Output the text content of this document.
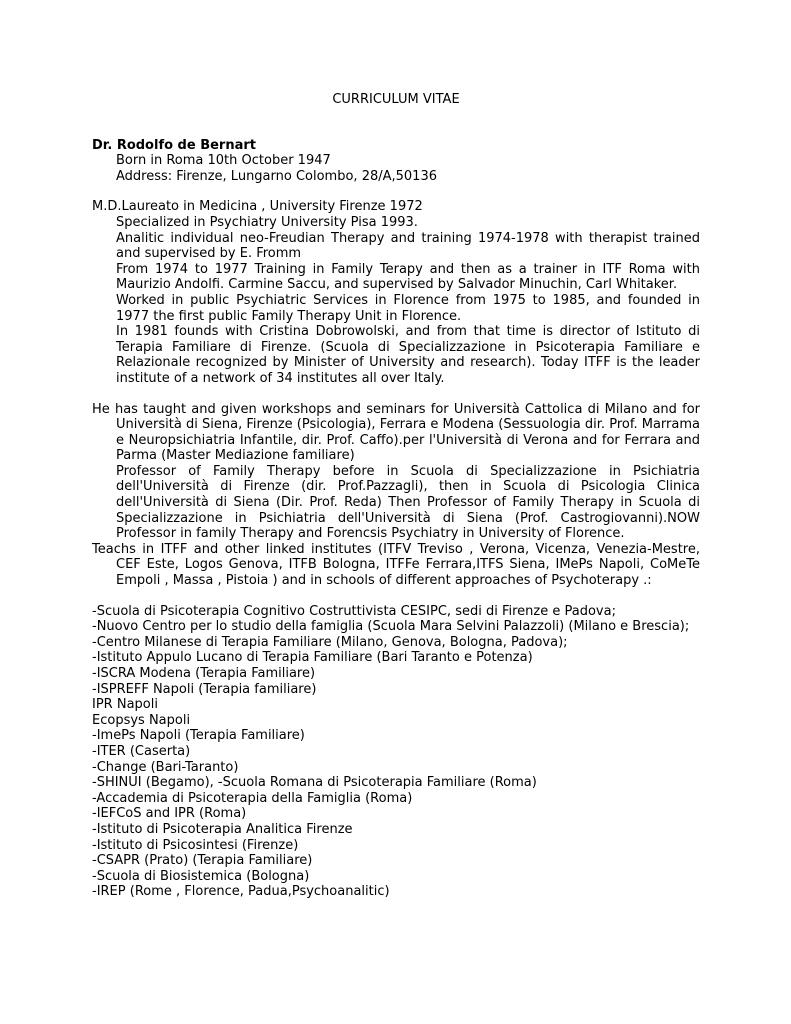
CURRICULUM VITAE
Dr. Rodolfo de Bernart
Born in Roma 10th October 1947
Address: Firenze, Lungarno Colombo, 28/A,50136
M.D.Laureato in Medicina , University Firenze 1972
Specialized in Psychiatry University Pisa 1993.
Analitic individual neo-Freudian Therapy and training 1974-1978 with therapist trained and supervised by E. Fromm
From 1974 to 1977 Training in Family Terapy and then as a trainer in ITF Roma with Maurizio Andolfi. Carmine Saccu, and supervised by Salvador Minuchin, Carl Whitaker.
Worked in public Psychiatric Services in Florence from 1975 to 1985, and founded in 1977 the first public Family Therapy Unit in Florence.
In 1981 founds with Cristina Dobrowolski, and from that time is director of Istituto di Terapia Familiare di Firenze. (Scuola di Specializzazione in Psicoterapia Familiare e Relazionale recognized by Minister of University and research). Today ITFF is the leader institute of a network of 34 institutes all over Italy.
He has taught and given workshops and seminars for Università Cattolica di Milano and for Università di Siena, Firenze (Psicologia), Ferrara e Modena (Sessuologia dir. Prof. Marrama e Neuropsichiatria Infantile, dir. Prof. Caffo).per l'Università di Verona and for Ferrara and Parma (Master Mediazione familiare)
Professor of Family Therapy before in Scuola di Specializzazione in Psichiatria dell'Università di Firenze (dir. Prof.Pazzagli), then in Scuola di Psicologia Clinica dell'Università di Siena (Dir. Prof. Reda) Then Professor of Family Therapy in Scuola di Specializzazione in Psichiatria dell'Università di Siena (Prof. Castrogiovanni).NOW Professor in family Therapy and Forencsis Psychiatry in University of Florence.
Teachs in ITFF and other linked institutes (ITFV Treviso , Verona, Vicenza, Venezia-Mestre, CEF Este, Logos Genova, ITFB Bologna, ITFFe Ferrara,ITFS Siena, IMePs Napoli, CoMeTe Empoli , Massa , Pistoia ) and in schools of different approaches of Psychoterapy .:
-Scuola di Psicoterapia Cognitivo Costruttivista CESIPC, sedi di Firenze e Padova;
-Nuovo Centro per lo studio della famiglia (Scuola Mara Selvini Palazzoli) (Milano e Brescia);
-Centro Milanese di Terapia Familiare (Milano, Genova, Bologna, Padova);
-Istituto Appulo Lucano di Terapia Familiare (Bari Taranto e Potenza)
-ISCRA Modena (Terapia Familiare)
-ISPREFF Napoli (Terapia familiare)
IPR Napoli
Ecopsys Napoli
-ImePs Napoli (Terapia Familiare)
-ITER (Caserta)
-Change (Bari-Taranto)
-SHINUI (Begamo), -Scuola Romana di Psicoterapia Familiare (Roma)
-Accademia di Psicoterapia della Famiglia (Roma)
-IEFCoS and IPR (Roma)
-Istituto di Psicoterapia Analitica Firenze
-Istituto di Psicosintesi (Firenze)
-CSAPR (Prato) (Terapia Familiare)
-Scuola di Biosistemica (Bologna)
-IREP (Rome , Florence, Padua,Psychoanalitic)
